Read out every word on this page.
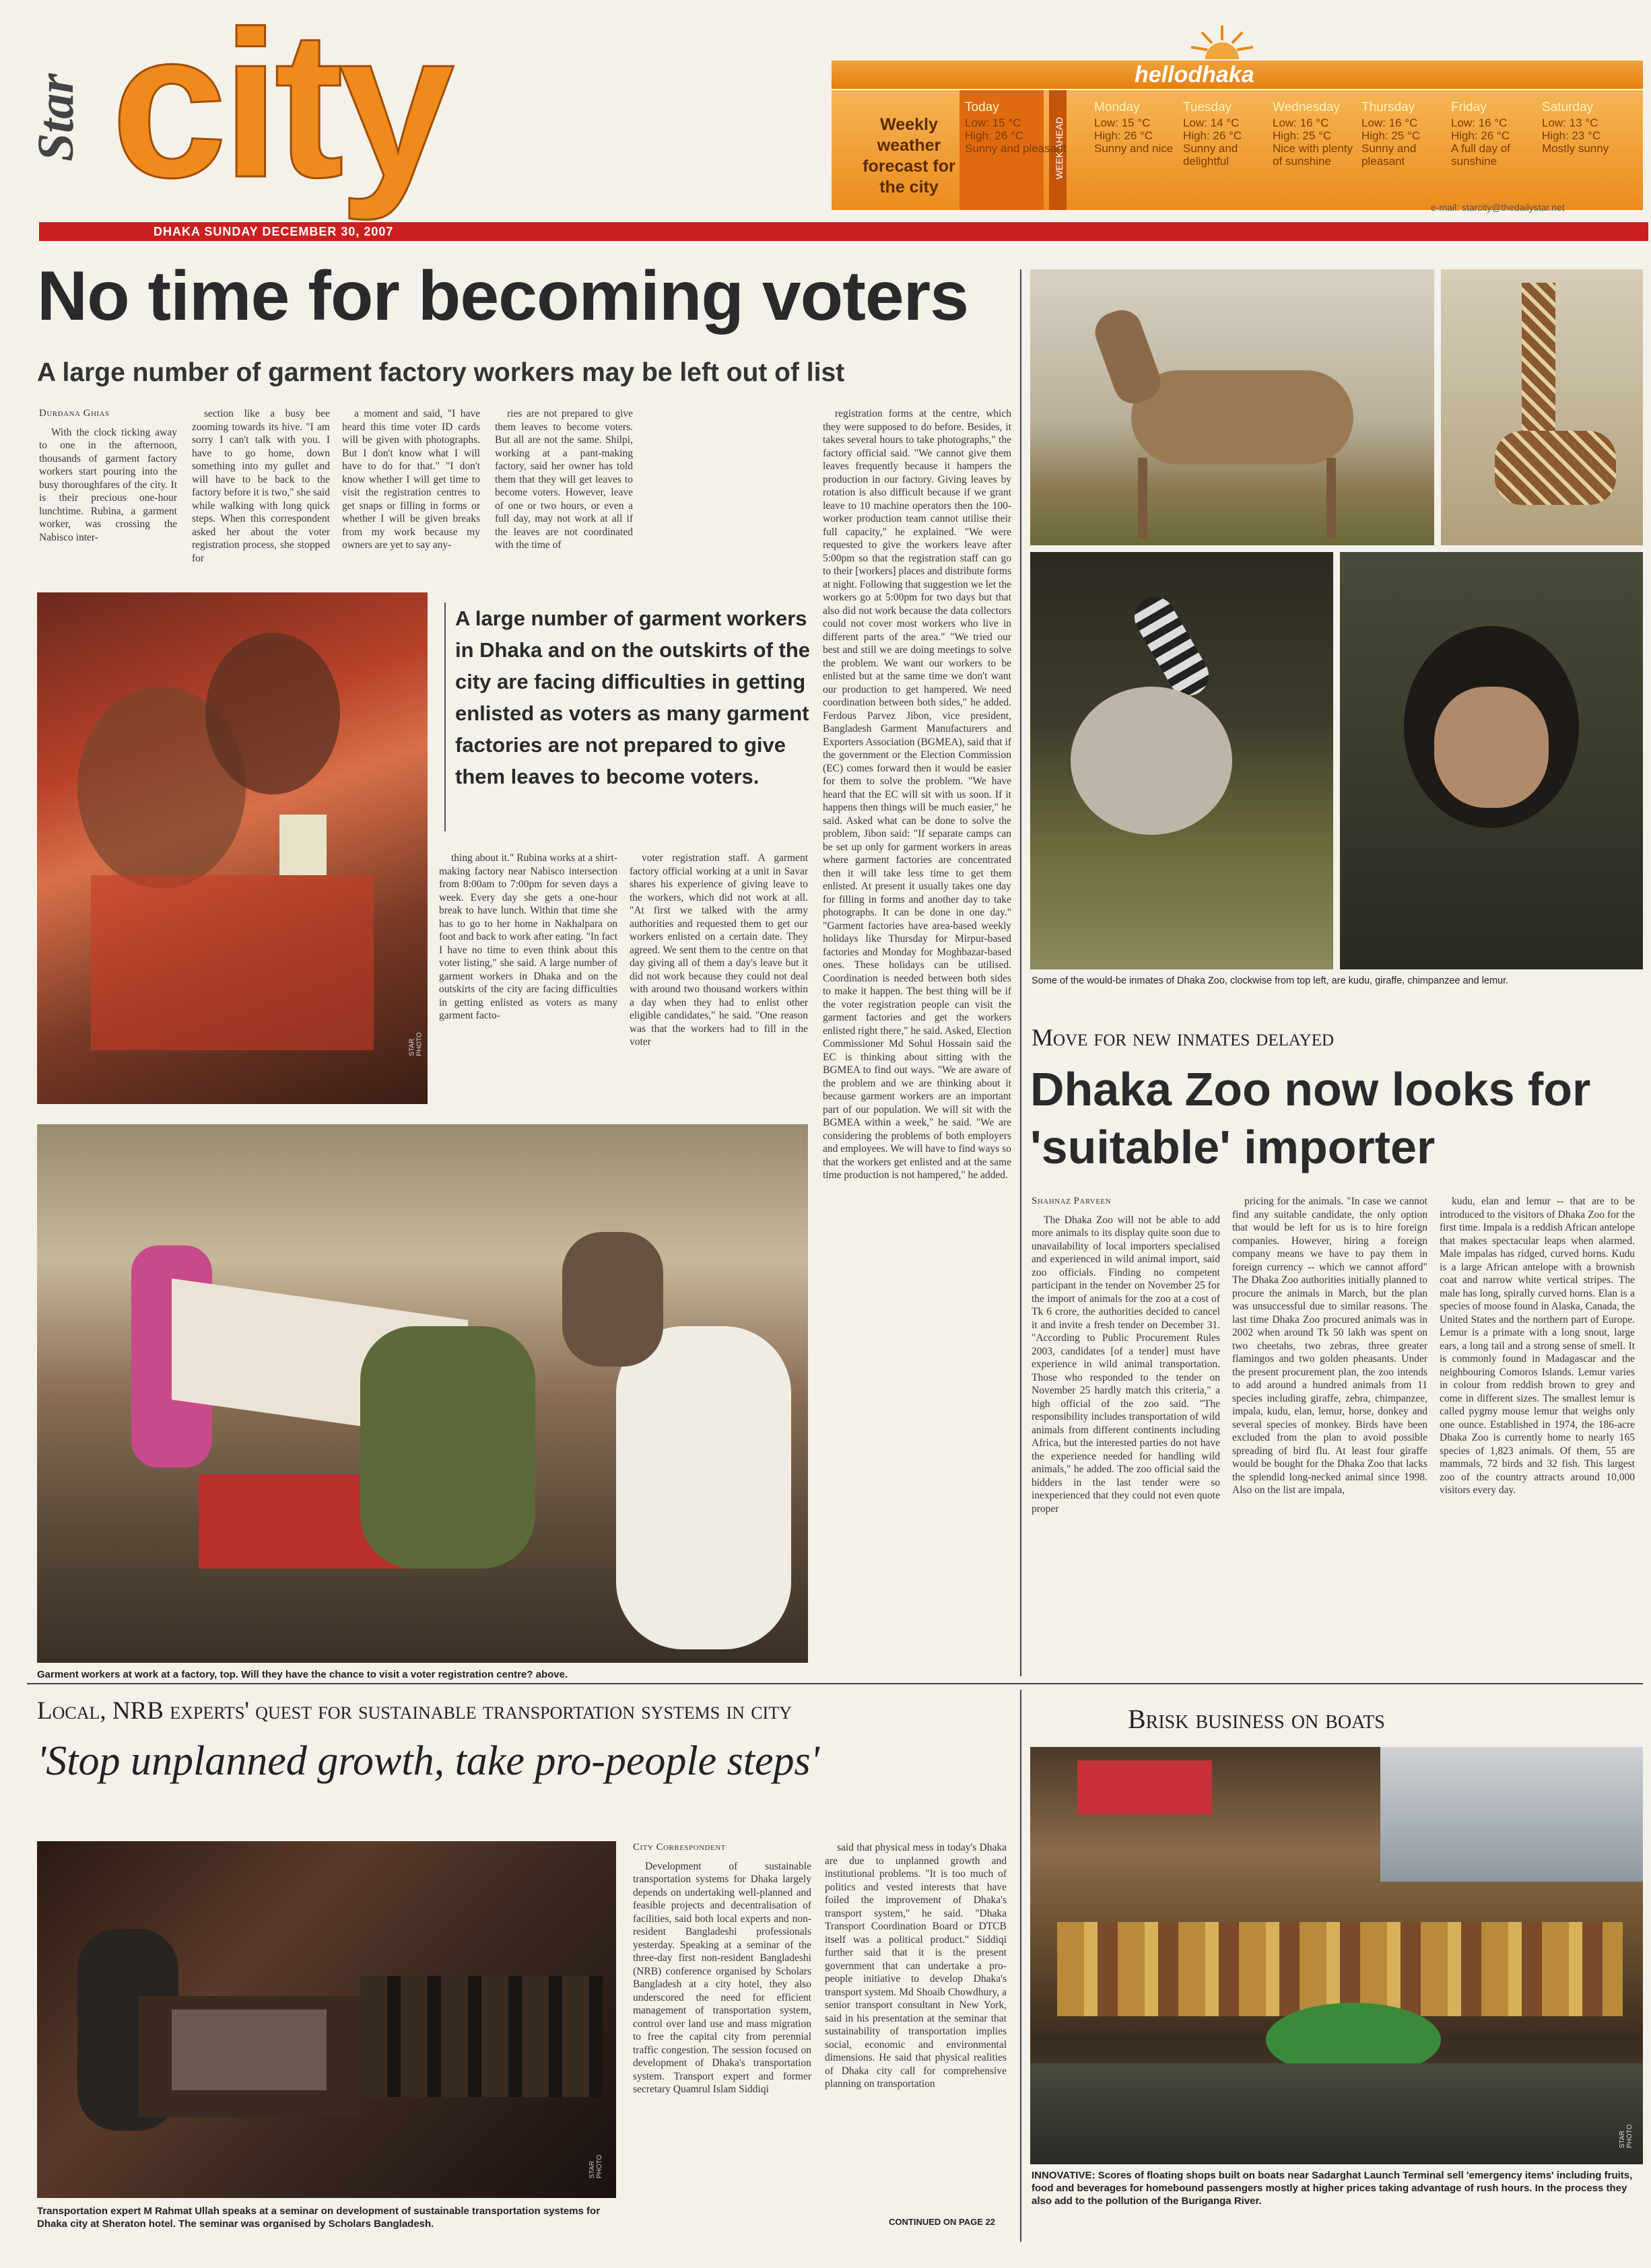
Star city
DHAKA SUNDAY DECEMBER 30, 2007
hellodhaka
Weekly weather forecast for the city
WEEK AHEAD
e-mail: starcity@thedailystar.net
Today
Low: 15 °C
High: 26 °C
Sunny and pleasant
Monday
Low: 15 °C
High: 26 °C
Sunny and nice
Tuesday
Low: 14 °C
High: 26 °C
Sunny and delightful
Wednesday
Low: 16 °C
High: 25 °C
Nice with plenty of sunshine
Thursday
Low: 16 °C
High: 25 °C
Sunny and pleasant
Friday
Low: 16 °C
High: 26 °C
A full day of sunshine
Saturday
Low: 13 °C
High: 23 °C
Mostly sunny
No time for becoming voters
A large number of garment factory workers may be left out of list
Durdana Ghias

With the clock ticking away to one in the afternoon, thousands of garment factory workers start pouring into the busy thoroughfares of the city. It is their precious one-hour lunchtime. Rubina, a garment worker, was crossing the Nabisco inter-

section like a busy bee zooming towards its hive. "I am sorry I can't talk with you. I have to go home, down something into my gullet and will have to be back to the factory before it is two," she said while walking with long quick steps. When this correspondent asked her about the voter registration process, she stopped for

a moment and said, "I have heard this time voter ID cards will be given with photographs. But I don't know what I will have to do for that." "I don't know whether I will get time to visit the registration centres to get snaps or filling in forms or whether I will be given breaks from my work because my owners are yet to say any-

ries are not prepared to give them leaves to become voters. But all are not the same. Shilpi, working at a pant-making factory, said her owner has told them that they will get leaves to become voters. However, leave of one or two hours, or even a full day, may not work at all if the leaves are not coordinated with the time of

registration forms at the centre, which they were supposed to do before. Besides, it takes several hours to take photographs," the factory official said. "We cannot give them leaves frequently because it hampers the production in our factory. Giving leaves by rotation is also difficult because if we grant leave to 10 machine operators then the 100-worker production team cannot utilise their full capacity," he explained. "We were requested to give the workers leave after 5:00pm so that the registration staff can go to their [workers] places and distribute forms at night. Following that suggestion we let the workers go at 5:00pm for two days but that also did not work because the data collectors could not cover most workers who live in different parts of the area." "We tried our best and still we are doing meetings to solve the problem. We want our workers to be enlisted but at the same time we don't want our production to get hampered. We need coordination between both sides," he added. Ferdous Parvez Jibon, vice president, Bangladesh Garment Manufacturers and Exporters Association (BGMEA), said that if the government or the Election Commission (EC) comes forward then it would be easier for them to solve the problem. "We have heard that the EC will sit with us soon. If it happens then things will be much easier," he said. Asked what can be done to solve the problem, Jibon said: "If separate camps can be set up only for garment workers in areas where garment factories are concentrated then it will take less time to get them enlisted. At present it usually takes one day for filling in forms and another day to take photographs. It can be done in one day." "Garment factories have area-based weekly holidays like Thursday for Mirpur-based factories and Monday for Moghbazar-based ones. These holidays can be utilised. Coordination is needed between both sides to make it happen. The best thing will be if the voter registration people can visit the garment factories and get the workers enlisted right there," he said. Asked, Election Commissioner Md Sohul Hossain said the EC is thinking about sitting with the BGMEA to find out ways. "We are aware of the problem and we are thinking about it because garment workers are an important part of our population. We will sit with the BGMEA within a week," he said. "We are considering the problems of both employers and employees. We will have to find ways so that the workers get enlisted and at the same time production is not hampered," he added.

STAR PHOTO
A large number of garment workers in Dhaka and on the outskirts of the city are facing difficulties in getting enlisted as voters as many garment factories are not prepared to give them leaves to become voters.

thing about it." Rubina works at a shirt-making factory near Nabisco intersection from 8:00am to 7:00pm for seven days a week. Every day she gets a one-hour break to have lunch. Within that time she has to go to her home in Nakhalpara on foot and back to work after eating. "In fact I have no time to even think about this voter listing," she said. A large number of garment workers in Dhaka and on the outskirts of the city are facing difficulties in getting enlisted as voters as many garment facto-

voter registration staff. A garment factory official working at a unit in Savar shares his experience of giving leave to the workers, which did not work at all. "At first we talked with the army authorities and requested them to get our workers enlisted on a certain date. They agreed. We sent them to the centre on that day giving all of them a day's leave but it did not work because they could not deal with around two thousand workers within a day when they had to enlist other eligible candidates," he said. "One reason was that the workers had to fill in the voter

Garment workers at work at a factory, top. Will they have the chance to visit a voter registration centre? above.
Some of the would-be inmates of Dhaka Zoo, clockwise from top left, are kudu, giraffe, chimpanzee and lemur.
Move for new inmates delayed
Dhaka Zoo now looks for 'suitable' importer
Shahnaz Parveen

The Dhaka Zoo will not be able to add more animals to its display quite soon due to unavailability of local importers specialised and experienced in wild animal import, said zoo officials. Finding no competent participant in the tender on November 25 for the import of animals for the zoo at a cost of Tk 6 crore, the authorities decided to cancel it and invite a fresh tender on December 31. "According to Public Procurement Rules 2003, candidates [of a tender] must have experience in wild animal transportation. Those who responded to the tender on November 25 hardly match this criteria," a high official of the zoo said. "The responsibility includes transportation of wild animals from different continents including Africa, but the interested parties do not have the experience needed for handling wild animals," he added. The zoo official said the bidders in the last tender were so inexperienced that they could not even quote proper

pricing for the animals. "In case we cannot find any suitable candidate, the only option that would be left for us is to hire foreign companies. However, hiring a foreign company means we have to pay them in foreign currency -- which we cannot afford" The Dhaka Zoo authorities initially planned to procure the animals in March, but the plan was unsuccessful due to similar reasons. The last time Dhaka Zoo procured animals was in 2002 when around Tk 50 lakh was spent on two cheetahs, two zebras, three greater flamingos and two golden pheasants. Under the present procurement plan, the zoo intends to add around a hundred animals from 11 species including giraffe, zebra, chimpanzee, impala, kudu, elan, lemur, horse, donkey and several species of monkey. Birds have been excluded from the plan to avoid possible spreading of bird flu. At least four giraffe would be bought for the Dhaka Zoo that lacks the splendid long-necked animal since 1998. Also on the list are impala,

kudu, elan and lemur -- that are to be introduced to the visitors of Dhaka Zoo for the first time. Impala is a reddish African antelope that makes spectacular leaps when alarmed. Male impalas has ridged, curved horns. Kudu is a large African antelope with a brownish coat and narrow white vertical stripes. The male has long, spirally curved horns. Elan is a species of moose found in Alaska, Canada, the United States and the northern part of Europe. Lemur is a primate with a long snout, large ears, a long tail and a strong sense of smell. It is commonly found in Madagascar and the neighbouring Comoros Islands. Lemur varies in colour from reddish brown to grey and come in different sizes. The smallest lemur is called pygmy mouse lemur that weighs only one ounce. Established in 1974, the 186-acre Dhaka Zoo is currently home to nearly 165 species of 1,823 animals. Of them, 55 are mammals, 72 birds and 32 fish. This largest zoo of the country attracts around 10,000 visitors every day.

Local, NRB experts' quest for sustainable transportation systems in city
'Stop unplanned growth, take pro-people steps'
STAR PHOTO
Transportation expert M Rahmat Ullah speaks at a seminar on development of sustainable transportation systems for Dhaka city at Sheraton hotel. The seminar was organised by Scholars Bangladesh.
City Correspondent

Development of sustainable transportation systems for Dhaka largely depends on undertaking well-planned and feasible projects and decentralisation of facilities, said both local experts and non-resident Bangladeshi professionals yesterday. Speaking at a seminar of the three-day first non-resident Bangladeshi (NRB) conference organised by Scholars Bangladesh at a city hotel, they also underscored the need for efficient management of transportation system, control over land use and mass migration to free the capital city from perennial traffic congestion. The session focused on development of Dhaka's transportation system. Transport expert and former secretary Quamrul Islam Siddiqi

said that physical mess in today's Dhaka are due to unplanned growth and institutional problems. "It is too much of politics and vested interests that have foiled the improvement of Dhaka's transport system," he said. "Dhaka Transport Coordination Board or DTCB itself was a political product." Siddiqi further said that it is the present government that can undertake a pro-people initiative to develop Dhaka's transport system. Md Shoaib Chowdhury, a senior transport consultant in New York, said in his presentation at the seminar that sustainability of transportation implies social, economic and environmental dimensions. He said that physical realities of Dhaka city call for comprehensive planning on transportation

CONTINUED ON PAGE 22
Brisk business on boats
STAR PHOTO
INNOVATIVE: Scores of floating shops built on boats near Sadarghat Launch Terminal sell 'emergency items' including fruits, food and beverages for homebound passengers mostly at higher prices taking advantage of rush hours. In the process they also add to the pollution of the Buriganga River.
